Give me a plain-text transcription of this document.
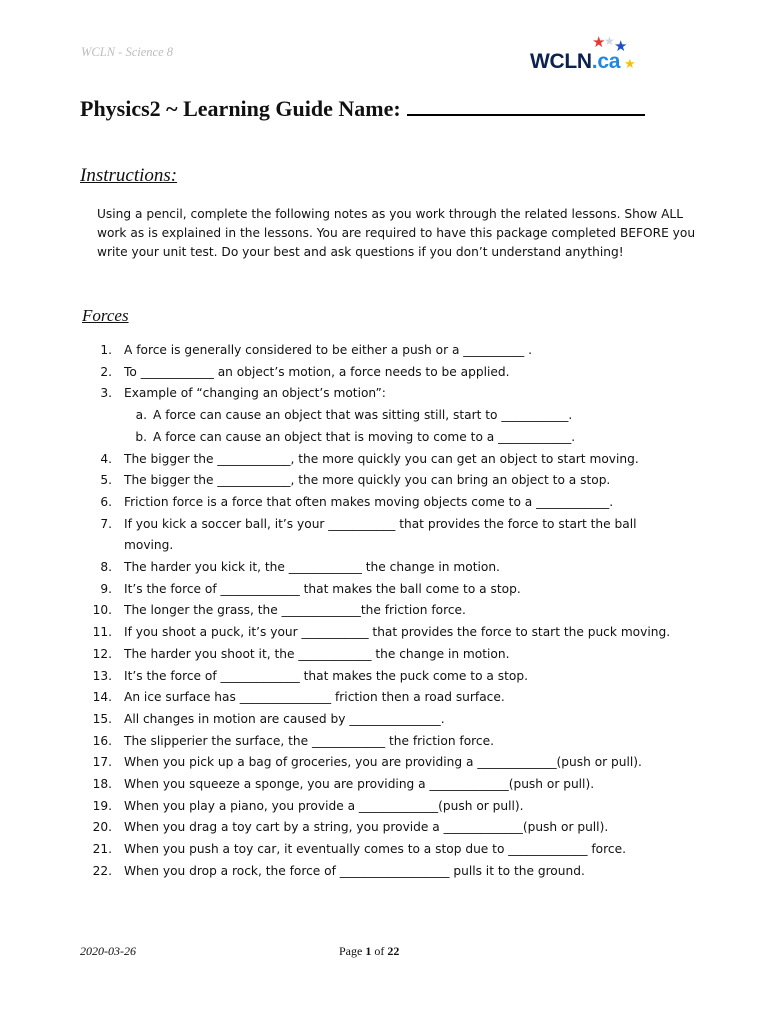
WCLN - Science 8
★
★ ★
★
WCLN.ca
Physics2 ~ Learning Guide Name:
Instructions:
Using a pencil, complete the following notes as you work through the related lessons. Show ALL
work as is explained in the lessons. You are required to have this package completed BEFORE you
write your unit test. Do your best and ask questions if you don’t understand anything!
Forces
1. A force is generally considered to be either a push or a __________ .
2. To ____________ an object’s motion, a force needs to be applied.
3. Example of “changing an object’s motion”:
a. A force can cause an object that was sitting still, start to ___________.
b. A force can cause an object that is moving to come to a ____________.
4. The bigger the ____________, the more quickly you can get an object to start moving.
5. The bigger the ____________, the more quickly you can bring an object to a stop.
6. Friction force is a force that often makes moving objects come to a ____________.
7. If you kick a soccer ball, it’s your ___________ that provides the force to start the ball
moving.
8. The harder you kick it, the ____________ the change in motion.
9. It’s the force of _____________ that makes the ball come to a stop.
10. The longer the grass, the _____________the friction force.
11. If you shoot a puck, it’s your ___________ that provides the force to start the puck moving.
12. The harder you shoot it, the ____________ the change in motion.
13. It’s the force of _____________ that makes the puck come to a stop.
14. An ice surface has _______________ friction then a road surface.
15. All changes in motion are caused by _______________.
16. The slipperier the surface, the ____________ the friction force.
17. When you pick up a bag of groceries, you are providing a _____________(push or pull).
18. When you squeeze a sponge, you are providing a _____________(push or pull).
19. When you play a piano, you provide a _____________(push or pull).
20. When you drag a toy cart by a string, you provide a _____________(push or pull).
21. When you push a toy car, it eventually comes to a stop due to _____________ force.
22. When you drop a rock, the force of __________________ pulls it to the ground.
2020-03-26	Page 1 of 22
